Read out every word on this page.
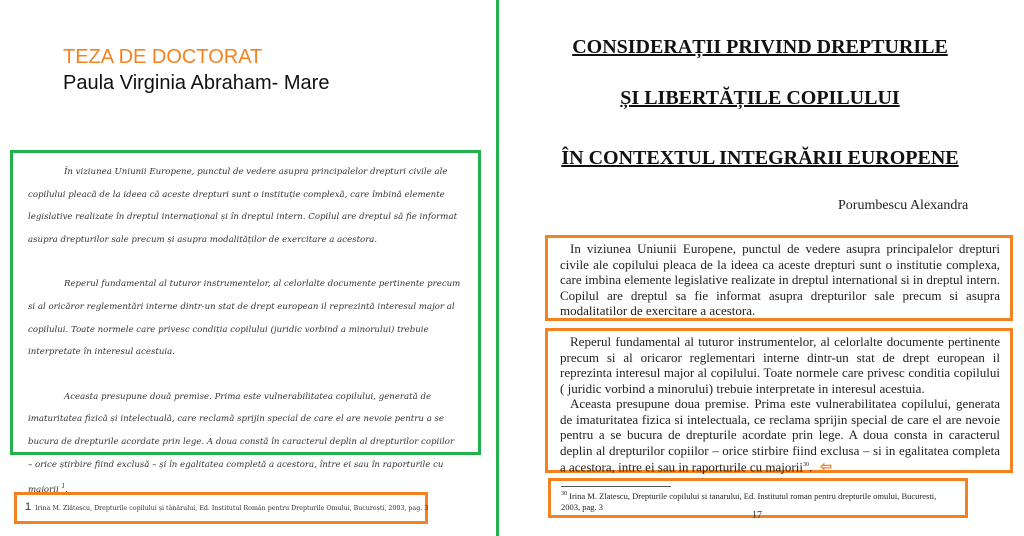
TEZA DE DOCTORAT
Paula Virginia Abraham- Mare

În viziunea Uniunii Europene, punctul de vedere asupra principalelor drepturi civile ale copilului pleacă de la ideea că aceste drepturi sunt o instituție complexă, care îmbină elemente legislative realizate în dreptul internațional și în dreptul intern. Copilul are dreptul să fie informat asupra drepturilor sale precum și asupra modalităților de exercitare a acestora.

Reperul fundamental al tuturor instrumentelor, al celorlalte documente pertinente precum si al oricăror reglementări interne dintr-un stat de drept european il reprezintă interesul major al copilului. Toate normele care privesc condiția copilului (juridic vorbind a minorului) trebuie interpretate în interesul acestuia.

Aceasta presupune două premise. Prima este vulnerabilitatea copilului, generată de imaturitatea fizică și intelectuală, care reclamă sprijin special de care el are nevoie pentru a se bucura de drepturile acordate prin lege. A doua constă în caracterul deplin al drepturilor copiilor

– orice știrbire fiind exclusă – și în egalitatea completă a acestora, între ei sau în raporturile cu majorii $^1$.

1 Irina M. Zlătescu, Drepturile copilului și tânărului, Ed. Institutul Român pentru Drepturile Omului, București, 2003, pag. 3
CONSIDERAȚII PRIVIND DREPTURILE
ȘI LIBERTĂȚILE COPILULUI
ÎN CONTEXTUL INTEGRĂRII EUROPENE
Porumbescu Alexandra

In viziunea Uniunii Europene, punctul de vedere asupra principalelor drepturi civile ale copilului pleaca de la ideea ca aceste drepturi sunt o institutie complexa, care imbina elemente legislative realizate in dreptul international si in dreptul intern. Copilul are dreptul sa fie informat asupra drepturilor sale precum si asupra modalitatilor de exercitare a acestora.

Reperul fundamental al tuturor instrumentelor, al celorlalte documente pertinente precum si al oricaror reglementari interne dintr-un stat de drept european il reprezinta interesul major al copilului. Toate normele care privesc conditia copilului ( juridic vorbind a minorului) trebuie interpretate in interesul acestuia.

Aceasta presupune doua premise. Prima este vulnerabilitatea copilului, generata de imaturitatea fizica si intelectuala, ce reclama sprijin special de care el are nevoie pentru a se bucura de drepturile acordate prin lege. A doua consta in caracterul deplin al drepturilor copiilor – orice stirbire fiind exclusa – si in egalitatea completa a acestora, intre ei sau in raporturile cu majorii$^{30}$. ⇦

$^{30}$ Irina M. Zlatescu, Drepturile copilului si tanarului, Ed. Institutul roman pentru drepturile omului, Bucuresti, 2003, pag. 3
17
